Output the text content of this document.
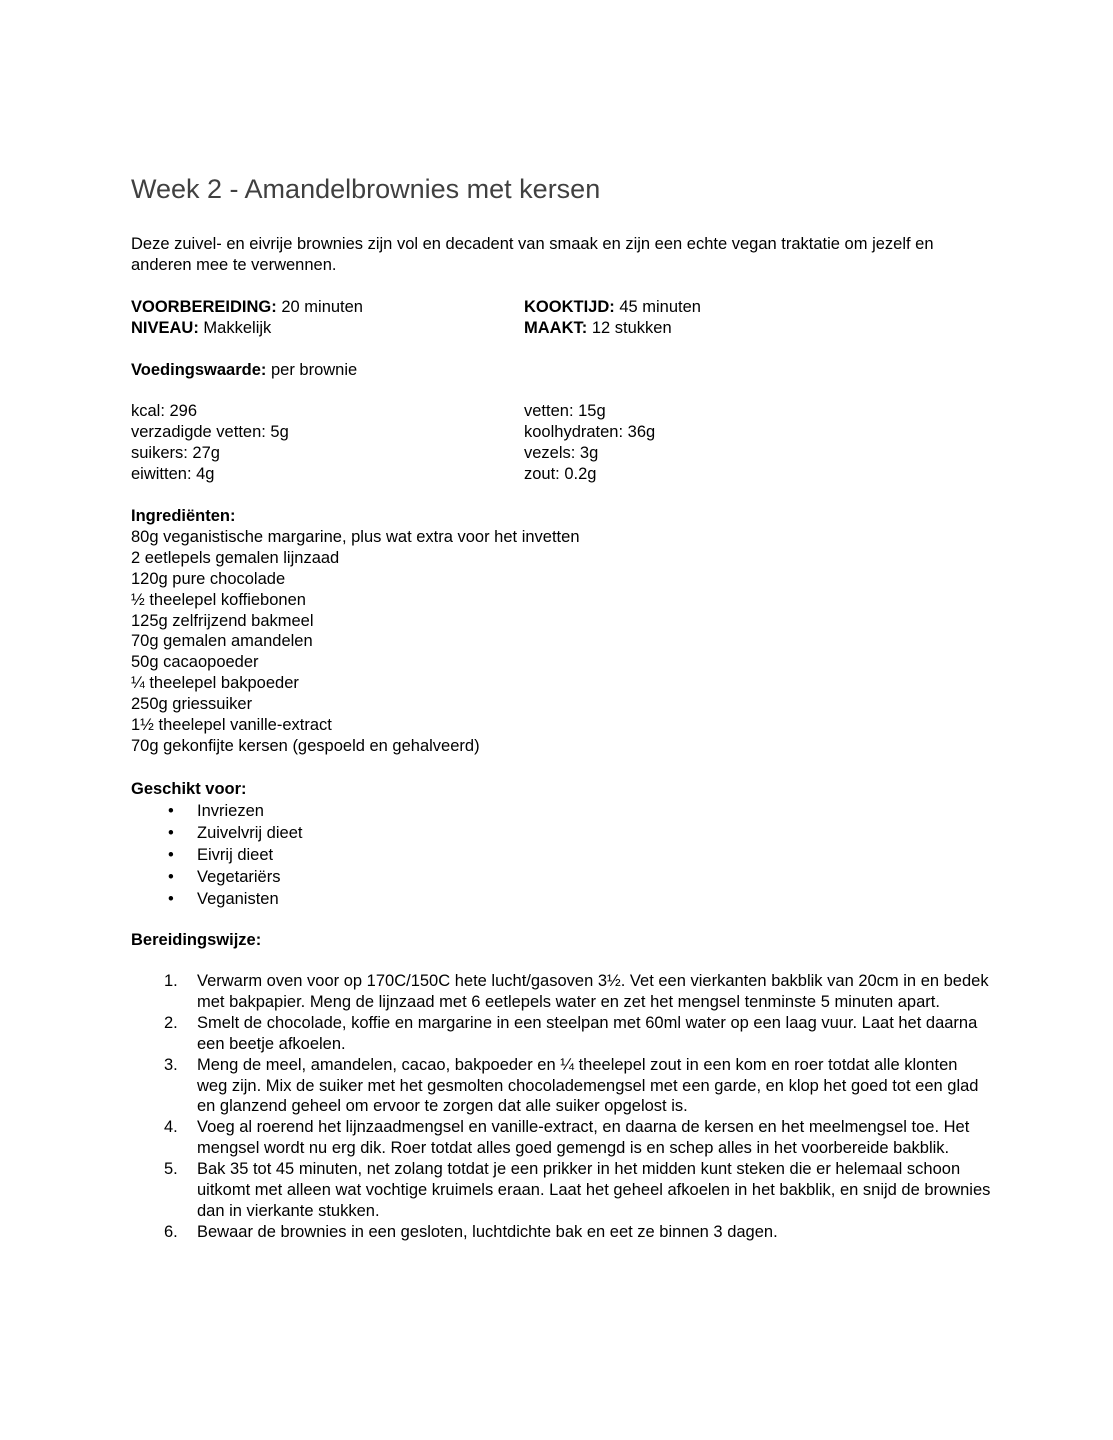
Week 2 - Amandelbrownies met kersen
Deze zuivel- en eivrije brownies zijn vol en decadent van smaak en zijn een echte vegan traktatie om jezelf en anderen mee te verwennen.
VOORBEREIDING: 20 minuten	KOOKTIJD: 45 minuten
NIVEAU: Makkelijk	MAAKT: 12 stukken
Voedingswaarde: per brownie
kcal: 296	vetten: 15g
verzadigde vetten: 5g	koolhydraten: 36g
suikers: 27g	vezels: 3g
eiwitten: 4g	zout: 0.2g
Ingrediënten:
80g veganistische margarine, plus wat extra voor het invetten
2 eetlepels gemalen lijnzaad
120g pure chocolade
½ theelepel koffiebonen
125g zelfrijzend bakmeel
70g gemalen amandelen
50g cacaopoeder
¼ theelepel bakpoeder
250g griessuiker
1½ theelepel vanille-extract
70g gekonfijte kersen (gespoeld en gehalveerd)
Geschikt voor:
• Invriezen
• Zuivelvrij dieet
• Eivrij dieet
• Vegetariërs
• Veganisten
Bereidingswijze:
1. Verwarm oven voor op 170C/150C hete lucht/gasoven 3½. Vet een vierkanten bakblik van 20cm in en bedek met bakpapier. Meng de lijnzaad met 6 eetlepels water en zet het mengsel tenminste 5 minuten apart.
2. Smelt de chocolade, koffie en margarine in een steelpan met 60ml water op een laag vuur. Laat het daarna een beetje afkoelen.
3. Meng de meel, amandelen, cacao, bakpoeder en ¼ theelepel zout in een kom en roer totdat alle klonten weg zijn. Mix de suiker met het gesmolten chocolademengsel met een garde, en klop het goed tot een glad en glanzend geheel om ervoor te zorgen dat alle suiker opgelost is.
4. Voeg al roerend het lijnzaadmengsel en vanille-extract, en daarna de kersen en het meelmengsel toe. Het mengsel wordt nu erg dik. Roer totdat alles goed gemengd is en schep alles in het voorbereide bakblik.
5. Bak 35 tot 45 minuten, net zolang totdat je een prikker in het midden kunt steken die er helemaal schoon uitkomt met alleen wat vochtige kruimels eraan. Laat het geheel afkoelen in het bakblik, en snijd de brownies dan in vierkante stukken.
6. Bewaar de brownies in een gesloten, luchtdichte bak en eet ze binnen 3 dagen.
